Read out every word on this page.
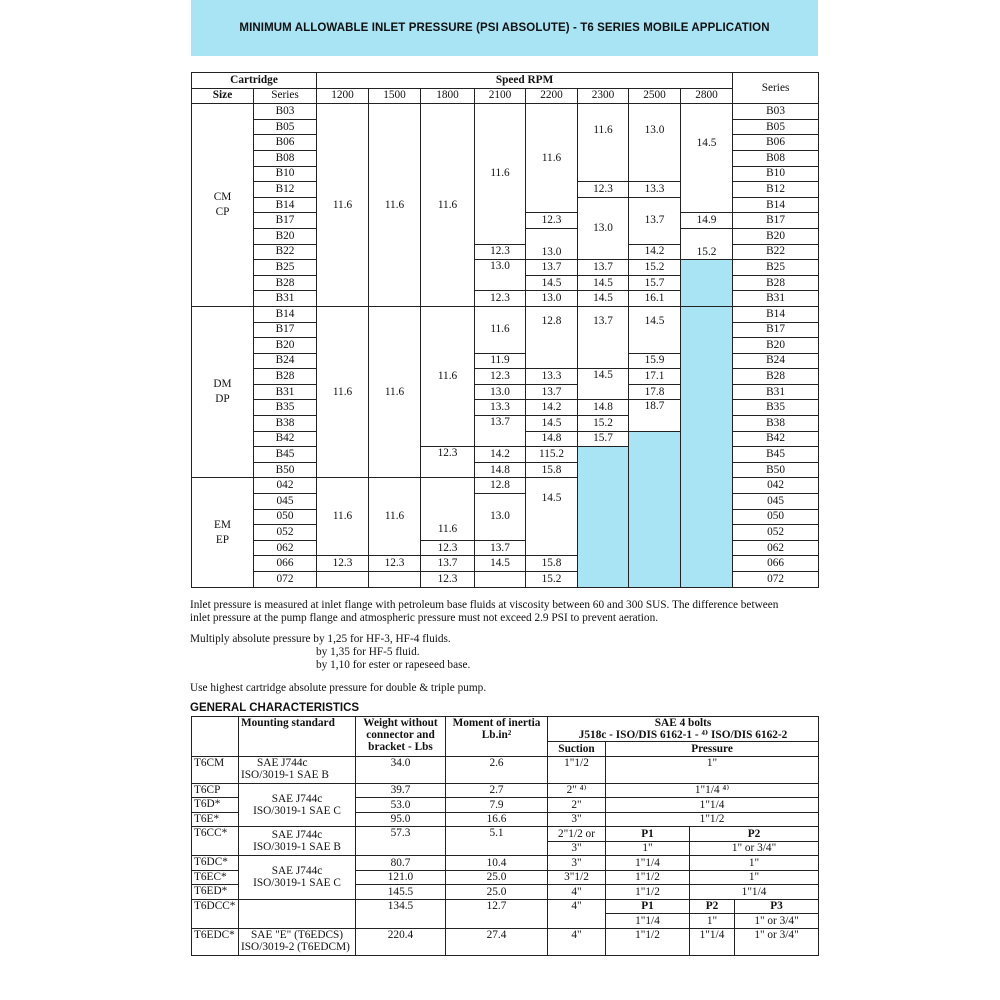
MINIMUM ALLOWABLE INLET PRESSURE (PSI ABSOLUTE) - T6 SERIES MOBILE APPLICATION
Cartridge		Speed RPM								Series
Size	Series	1200	1500	1800	2100	2200	2300	2500	2800	
CM CP	B03	11.6	11.6	11.6	11.6	11.6	11.6	13.0	14.5	B03
	B05									B05
	B06									B06
	B08									B08
	B10									B10
	B12						12.3	13.3		B12
	B14						13.0	13.7		B14
	B17					12.3			14.9	B17
	B20					13.0			15.2	B20
	B22				12.3			14.2		B22
	B25				13.0	13.7	13.7	15.2		B25
	B28					14.5	14.5	15.7		B28
	B31				12.3	13.0	14.5	16.1		B31
DM DP	B14	11.6	11.6	11.6	11.6	12.8	13.7	14.5		B14
	B17									B17
	B20									B20
	B24				11.9			15.9		B24
	B28				12.3	13.3	14.5	17.1		B28
	B31				13.0	13.7		17.8		B31
	B35				13.3	14.2	14.8	18.7		B35
	B38				13.7	14.5	15.2			B38
	B42					14.8	15.7			B42
	B45			12.3	14.2	115.2				B45
	B50				14.8	15.8				B50
EM EP	042	11.6	11.6	11.6	12.8	14.5				042
	045				13.0					045
	050									050
	052									052
	062			12.3	13.7					062
	066	12.3	12.3	13.7	14.5	15.8				066
	072			12.3		15.2				072
Inlet pressure is measured at inlet flange with petroleum base fluids at viscosity between 60 and 300 SUS. The difference between
inlet pressure at the pump flange and atmospheric pressure must not exceed 2.9 PSI to prevent aeration.
Multiply absolute pressure by 1,25 for HF-3, HF-4 fluids.
by 1,35 for HF-5 fluid.
by 1,10 for ester or rapeseed base.
Use highest cartridge absolute pressure for double & triple pump.
GENERAL CHARACTERISTICS
	Mounting standard	Weight without connector and bracket - Lbs	Moment of inertia Lb.in²	SAE 4 bolts
J518c - ISO/DIS 6162-1 - ⁴⁾ ISO/DIS 6162-2			

				Suction	Pressure		
T6CM	SAE J744c
ISO/3019-1 SAE B	34.0	2.6	1"1/2	1"		
T6CP	SAE J744c
ISO/3019-1 SAE C	39.7	2.7	2" ⁴⁾	1"1/4 ⁴⁾		
T6D*		53.0	7.9	2"	1"1/4		
T6E*		95.0	16.6	3"	1"1/2		
T6CC*	SAE J744c
ISO/3019-1 SAE B	57.3	5.1	2"1/2 or	P1	P2	
				3"	1"	1" or 3/4"	
T6DC*	SAE J744c
ISO/3019-1 SAE C	80.7	10.4	3"	1"1/4	1"	
T6EC*		121.0	25.0	3"1/2	1"1/2	1"	
T6ED*		145.5	25.0	4"	1"1/2	1"1/4	
T6DCC*		134.5	12.7	4"	P1	P2	P3
					1"1/4	1"	1" or 3/4"
T6EDC*	SAE "E" (T6EDCS)
ISO/3019-2 (T6EDCM)	220.4	27.4	4"	1"1/2	1"1/4	1" or 3/4"
